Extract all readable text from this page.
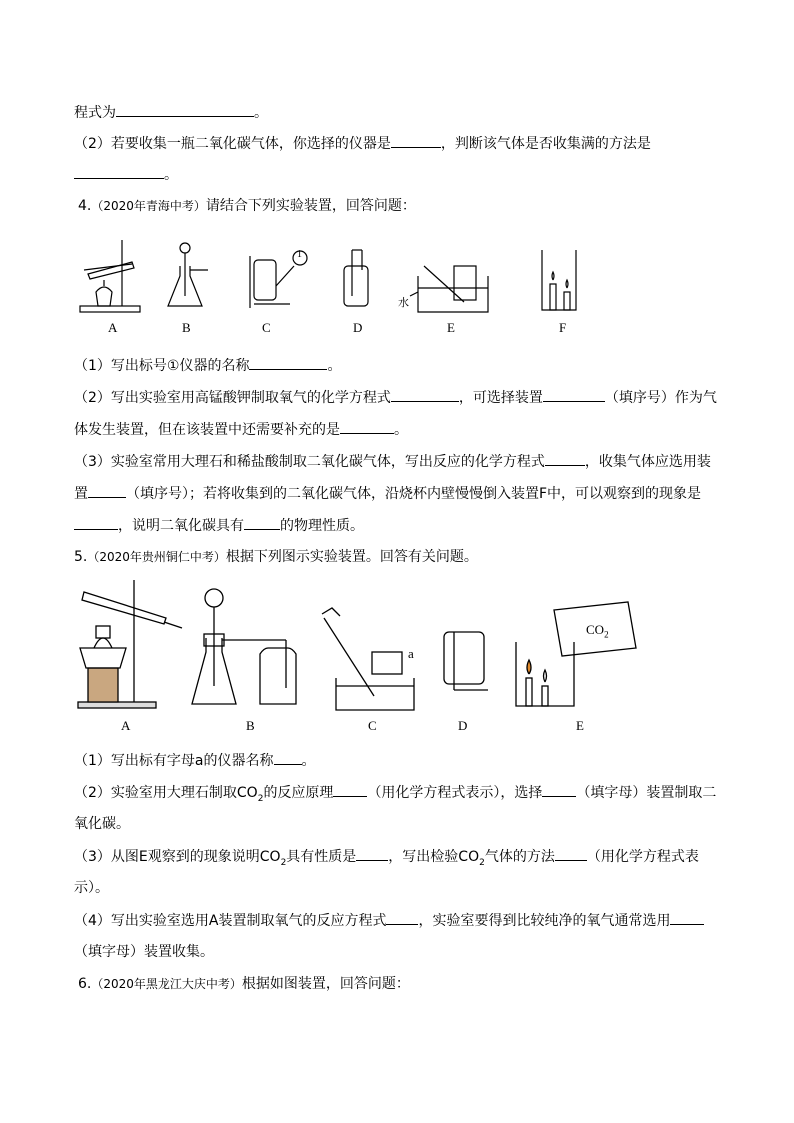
程式为	。
（2）若要收集一瓶二氧化碳气体，你选择的仪器是	，判断该气体是否收集满的方法是
。
4.（2020年青海中考）请结合下列实验装置，回答问题：
A	B	C	D	E	F
1
水
（1）写出标号①仪器的名称	。
（2）写出实验室用高锰酸钾制取氧气的化学方程式	，可选择装置	（填序号）作为气
体发生装置，但在该装置中还需要补充的是	。
（3）实验室常用大理石和稀盐酸制取二氧化碳气体，写出反应的化学方程式	，收集气体应选用装
置	（填序号）；若将收集到的二氧化碳气体，沿烧杯内壁慢慢倒入装置F中，可以观察到的现象是
，说明二氧化碳具有	的物理性质。
5.（2020年贵州铜仁中考）根据下列图示实验装置。回答有关问题。
A	B	C	D	E
a
$CO_2$
（1）写出标有字母a的仪器名称 。
（2）实验室用大理石制取$CO_2$的反应原理 （用化学方程式表示），选择 （填字母）装置制取二
氧化碳。
（3）从图E观察到的现象说明$CO_2$具有性质是 ，写出检验$CO_2$气体的方法 （用化学方程式表
示）。
（4）写出实验室选用A装置制取氧气的反应方程式 ，实验室要得到比较纯净的氧气通常选用
（填字母）装置收集。
6.（2020年黑龙江大庆中考）根据如图装置，回答问题：
